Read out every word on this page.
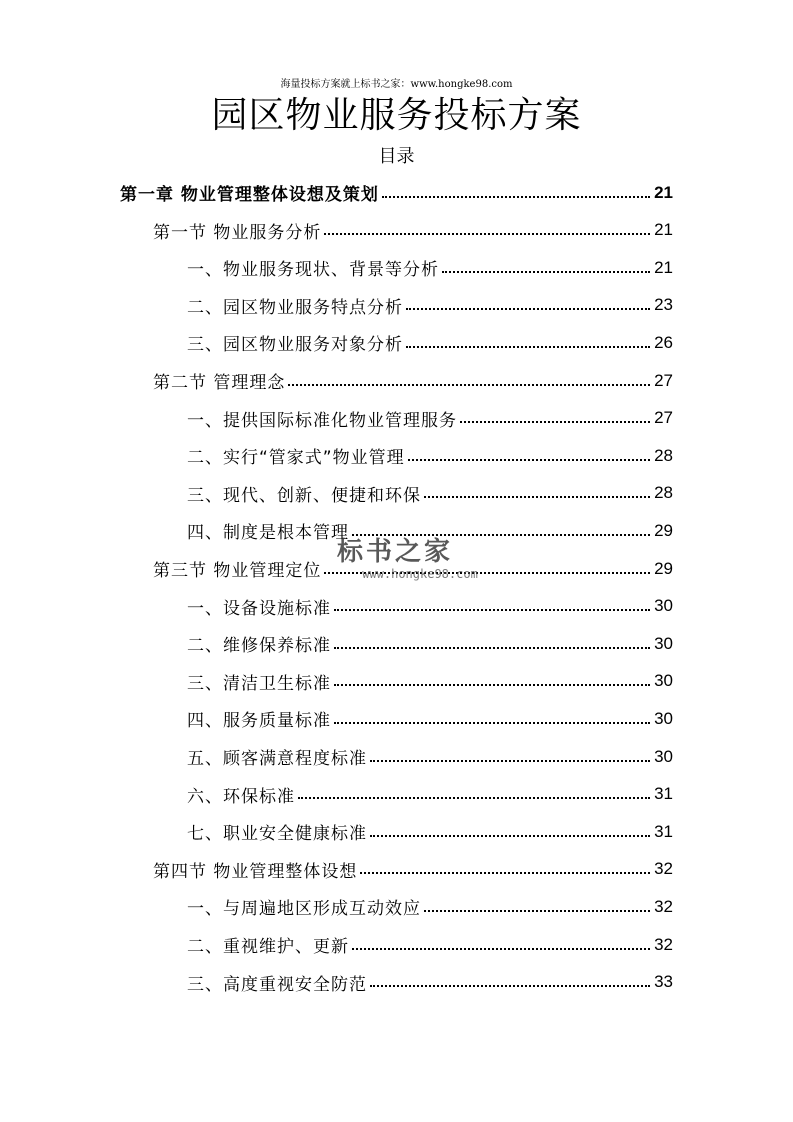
海量投标方案就上标书之家：www.hongke98.com
园区物业服务投标方案
目录
第一章 物业管理整体设想及策划	21
第一节 物业服务分析	21
一、物业服务现状、背景等分析	21
二、园区物业服务特点分析	23
三、园区物业服务对象分析	26
第二节 管理理念	27
一、提供国际标准化物业管理服务	27
二、实行“管家式”物业管理	28
三、现代、创新、便捷和环保	28
四、制度是根本管理	29
第三节 物业管理定位	29
一、设备设施标准	30
二、维修保养标准	30
三、清洁卫生标准	30
四、服务质量标准	30
五、顾客满意程度标准	30
六、环保标准	31
七、职业安全健康标准	31
第四节 物业管理整体设想	32
一、与周遍地区形成互动效应	32
二、重视维护、更新	32
三、高度重视安全防范	33
标书之家
www.hongke98.com
